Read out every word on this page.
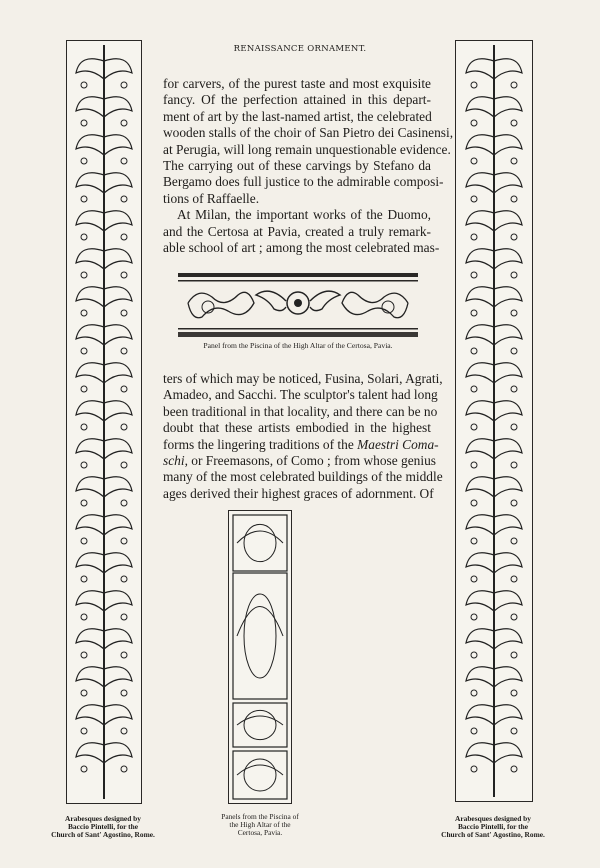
RENAISSANCE ORNAMENT.
for carvers, of the purest taste and most exquisite
fancy. Of the perfection attained in this depart-
ment of art by the last-named artist, the celebrated
wooden stalls of the choir of San Pietro dei Casinensi,
at Perugia, will long remain unquestionable evidence.
The carrying out of these carvings by Stefano da
Bergamo does full justice to the admirable composi-
tions of Raffaelle.
At Milan, the important works of the Duomo,
and the Certosa at Pavia, created a truly remark-
able school of art ; among the most celebrated mas-
Panel from the Piscina of the High Altar of the Certosa, Pavia.
ters of which may be noticed, Fusina, Solari, Agrati,
Amadeo, and Sacchi. The sculptor's talent had long
been traditional in that locality, and there can be no
doubt that these artists embodied in the highest
forms the lingering traditions of the Maestri Coma-
schi, or Freemasons, of Como ; from whose genius
many of the most celebrated buildings of the middle
ages derived their highest graces of adornment. Of
Arabesques designed by
Baccio Pintelli, for the
Church of Sant' Agostino, Rome.
Panels from the Piscina of
the High Altar of the
Certosa, Pavia.
Arabesques designed by
Baccio Pintelli, for the
Church of Sant' Agostino, Rome.
